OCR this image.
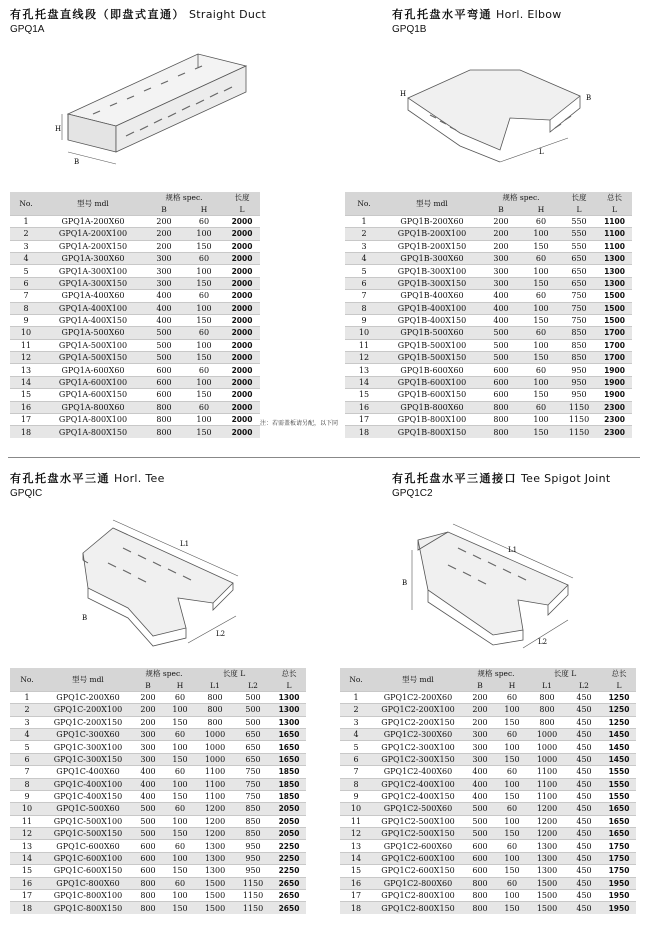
有孔托盘直线段（即盘式直通） Straight Duct
GPQ1A
H
B
No.	型号 mdl	规格 spec.		长度
		B	H	L
1	GPQ1A-200X60	200	60	2000
2	GPQ1A-200X100	200	100	2000
3	GPQ1A-200X150	200	150	2000
4	GPQ1A-300X60	300	60	2000
5	GPQ1A-300X100	300	100	2000
6	GPQ1A-300X150	300	150	2000
7	GPQ1A-400X60	400	60	2000
8	GPQ1A-400X100	400	100	2000
9	GPQ1A-400X150	400	150	2000
10	GPQ1A-500X60	500	60	2000
11	GPQ1A-500X100	500	100	2000
12	GPQ1A-500X150	500	150	2000
13	GPQ1A-600X60	600	60	2000
14	GPQ1A-600X100	600	100	2000
15	GPQ1A-600X150	600	150	2000
16	GPQ1A-800X60	800	60	2000
17	GPQ1A-800X100	800	100	2000
18	GPQ1A-800X150	800	150	2000
有孔托盘水平弯通 Horl. Elbow
GPQ1B
H	B
L
No.	型号 mdl	规格 spec.		长度	总长
		B	H	L	L
1	GPQ1B-200X60	200	60	550	1100
2	GPQ1B-200X100	200	100	550	1100
3	GPQ1B-200X150	200	150	550	1100
4	GPQ1B-300X60	300	60	650	1300
5	GPQ1B-300X100	300	100	650	1300
6	GPQ1B-300X150	300	150	650	1300
7	GPQ1B-400X60	400	60	750	1500
8	GPQ1B-400X100	400	100	750	1500
9	GPQ1B-400X150	400	150	750	1500
10	GPQ1B-500X60	500	60	850	1700
11	GPQ1B-500X100	500	100	850	1700
12	GPQ1B-500X150	500	150	850	1700
13	GPQ1B-600X60	600	60	950	1900
14	GPQ1B-600X100	600	100	950	1900
15	GPQ1B-600X150	600	150	950	1900
16	GPQ1B-800X60	800	60	1150	2300
17	GPQ1B-800X100	800	100	1150	2300
18	GPQ1B-800X150	800	150	1150	2300
注：若需盖板请另配，以下同
有孔托盘水平三通 Horl. Tee
GPQIC
L1
L2
B
No.	型号 mdl	规格 spec.		长度 L		总长
		B	H	L1	L2	L
1	GPQ1C-200X60	200	60	800	500	1300
2	GPQ1C-200X100	200	100	800	500	1300
3	GPQ1C-200X150	200	150	800	500	1300
4	GPQ1C-300X60	300	60	1000	650	1650
5	GPQ1C-300X100	300	100	1000	650	1650
6	GPQ1C-300X150	300	150	1000	650	1650
7	GPQ1C-400X60	400	60	1100	750	1850
8	GPQ1C-400X100	400	100	1100	750	1850
9	GPQ1C-400X150	400	150	1100	750	1850
10	GPQ1C-500X60	500	60	1200	850	2050
11	GPQ1C-500X100	500	100	1200	850	2050
12	GPQ1C-500X150	500	150	1200	850	2050
13	GPQ1C-600X60	600	60	1300	950	2250
14	GPQ1C-600X100	600	100	1300	950	2250
15	GPQ1C-600X150	600	150	1300	950	2250
16	GPQ1C-800X60	800	60	1500	1150	2650
17	GPQ1C-800X100	800	100	1500	1150	2650
18	GPQ1C-800X150	800	150	1500	1150	2650
有孔托盘水平三通接口 Tee Spigot Joint
GPQ1C2
L1
L2
B
No.	型号 mdl	规格 spec.		长度 L		总长
		B	H	L1	L2	L
1	GPQ1C2-200X60	200	60	800	450	1250
2	GPQ1C2-200X100	200	100	800	450	1250
3	GPQ1C2-200X150	200	150	800	450	1250
4	GPQ1C2-300X60	300	60	1000	450	1450
5	GPQ1C2-300X100	300	100	1000	450	1450
6	GPQ1C2-300X150	300	150	1000	450	1450
7	GPQ1C2-400X60	400	60	1100	450	1550
8	GPQ1C2-400X100	400	100	1100	450	1550
9	GPQ1C2-400X150	400	150	1100	450	1550
10	GPQ1C2-500X60	500	60	1200	450	1650
11	GPQ1C2-500X100	500	100	1200	450	1650
12	GPQ1C2-500X150	500	150	1200	450	1650
13	GPQ1C2-600X60	600	60	1300	450	1750
14	GPQ1C2-600X100	600	100	1300	450	1750
15	GPQ1C2-600X150	600	150	1300	450	1750
16	GPQ1C2-800X60	800	60	1500	450	1950
17	GPQ1C2-800X100	800	100	1500	450	1950
18	GPQ1C2-800X150	800	150	1500	450	1950
